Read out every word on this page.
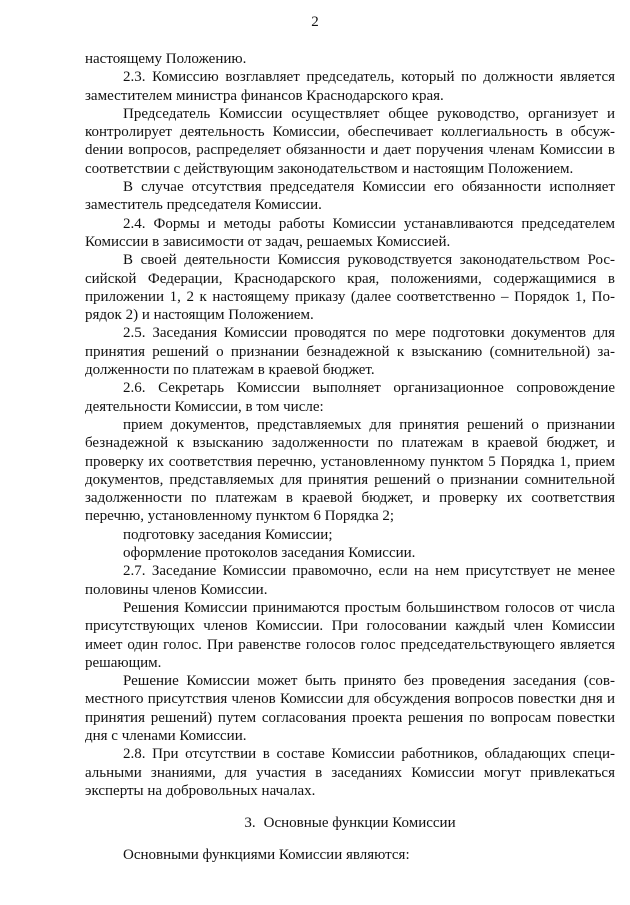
2

настоящему Положению.

2.3. Комиссию возглавляет председатель, который по должности является заместителем министра финансов Краснодарского края.

Председатель Комиссии осуществляет общее руководство, организует и контролирует деятельность Комиссии, обеспечивает коллегиальность в обсужdении вопросов, распределяет обязанности и дает поручения членам Комиссии в соответствии с действующим законодательством и настоящим Положением.

В случае отсутствия председателя Комиссии его обязанности исполняет заместитель председателя Комиссии.

2.4. Формы и методы работы Комиссии устанавливаются председателем Комиссии в зависимости от задач, решаемых Комиссией.

В своей деятельности Комиссия руководствуется законодательством Российской Федерации, Краснодарского края, положениями, содержащимися в приложении 1, 2 к настоящему приказу (далее соответственно – Порядок 1, Порядок 2) и настоящим Положением.

2.5. Заседания Комиссии проводятся по мере подготовки документов для принятия решений о признании безнадежной к взысканию (сомнительной) задолженности по платежам в краевой бюджет.

2.6. Секретарь Комиссии выполняет организационное сопровождение деятельности Комиссии, в том числе:

прием документов, представляемых для принятия решений о признании безнадежной к взысканию задолженности по платежам в краевой бюджет, и проверку их соответствия перечню, установленному пунктом 5 Порядка 1, прием документов, представляемых для принятия решений о признании сомнительной задолженности по платежам в краевой бюджет, и проверку их соответствия перечню, установленному пунктом 6 Порядка 2;

подготовку заседания Комиссии;

оформление протоколов заседания Комиссии.

2.7. Заседание Комиссии правомочно, если на нем присутствует не менее половины членов Комиссии.

Решения Комиссии принимаются простым большинством голосов от числа присутствующих членов Комиссии. При голосовании каждый член Комиссии имеет один голос. При равенстве голосов голос председательствующего является решающим.

Решение Комиссии может быть принято без проведения заседания (совместного присутствия членов Комиссии для обсуждения вопросов повестки дня и принятия решений) путем согласования проекта решения по вопросам повестки дня с членами Комиссии.

2.8. При отсутствии в составе Комиссии работников, обладающих специальными знаниями, для участия в заседаниях Комиссии могут привлекаться эксперты на добровольных началах.

3. Основные функции Комиссии

Основными функциями Комиссии являются:
